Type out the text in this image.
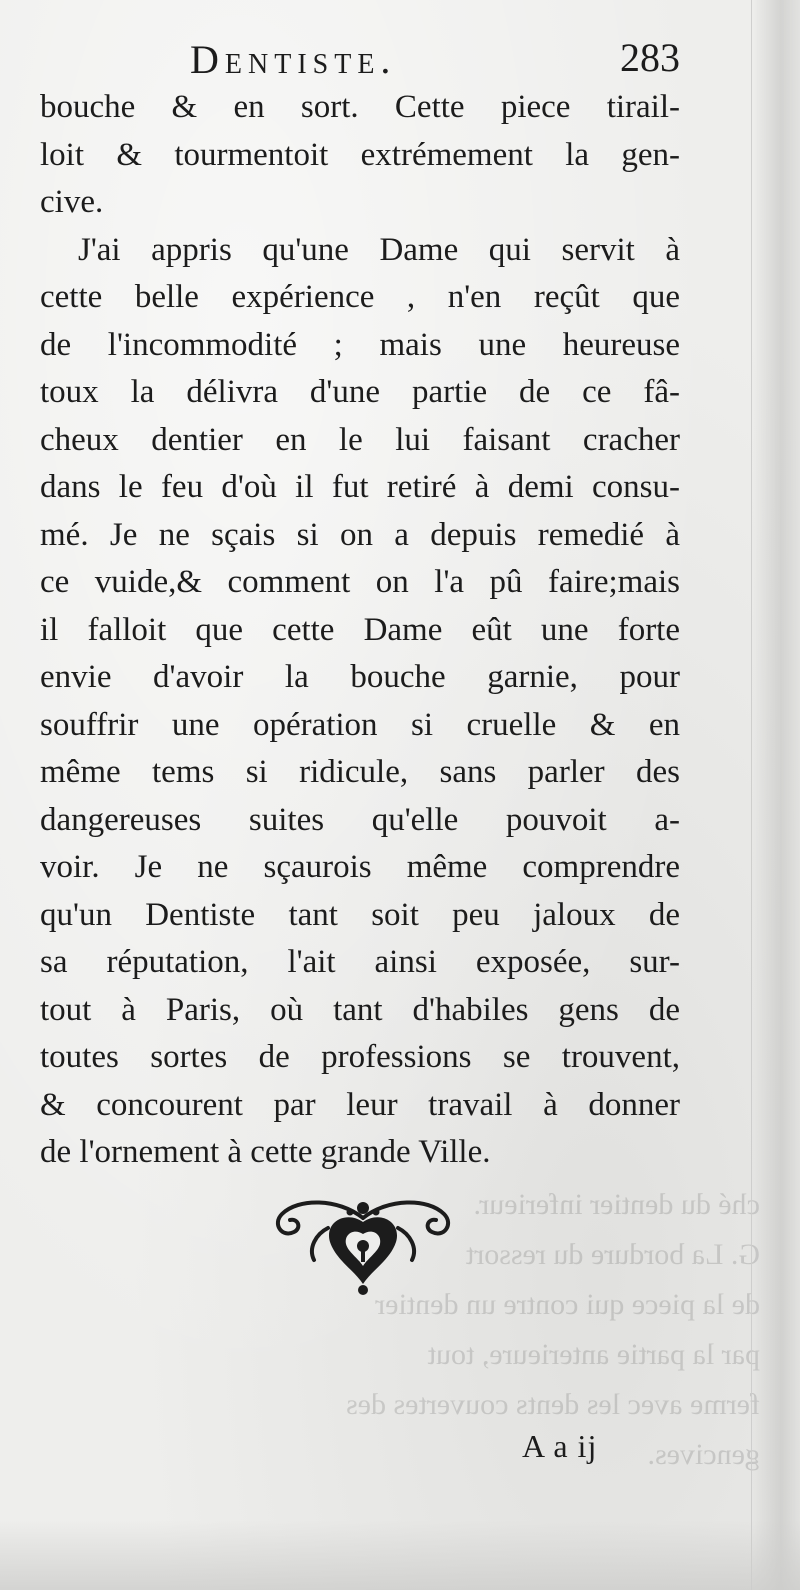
ché du dentier inferieur.
G. La bordure du ressort
de la piece qui contre un dentier
par la partie anterieure, tout
ferme avec les dents couvertes des
gencives.
Dentiste.	283
bouche & en sort. Cette piece tirail-
loit & tourmentoit extrémement la gen-
cive.
J'ai appris qu'une Dame qui servit à
cette belle expérience , n'en reçût que
de l'incommodité ; mais une heureuse
toux la délivra d'une partie de ce fâ-
cheux dentier en le lui faisant cracher
dans le feu d'où il fut retiré à demi consu-
mé. Je ne sçais si on a depuis remedié à
ce vuide,& comment on l'a pû faire;mais
il falloit que cette Dame eût une forte
envie d'avoir la bouche garnie, pour
souffrir une opération si cruelle & en
même tems si ridicule, sans parler des
dangereuses suites qu'elle pouvoit a-
voir. Je ne sçaurois même comprendre
qu'un Dentiste tant soit peu jaloux de
sa réputation, l'ait ainsi exposée, sur-
tout à Paris, où tant d'habiles gens de
toutes sortes de professions se trouvent,
& concourent par leur travail à donner
de l'ornement à cette grande Ville.
A a ij
